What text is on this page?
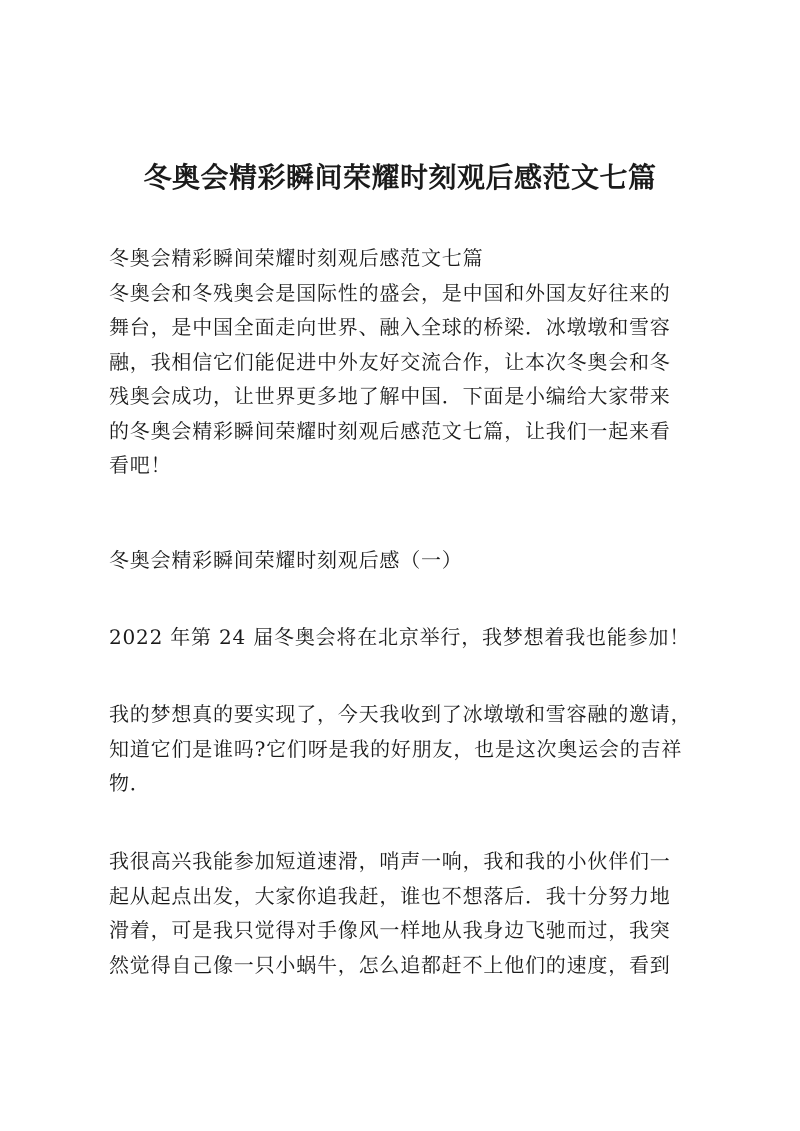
冬奥会精彩瞬间荣耀时刻观后感范文七篇
冬奥会精彩瞬间荣耀时刻观后感范文七篇
冬奥会和冬残奥会是国际性的盛会，是中国和外国友好往来的
舞台，是中国全面走向世界、融入全球的桥梁．冰墩墩和雪容
融，我相信它们能促进中外友好交流合作，让本次冬奥会和冬
残奥会成功，让世界更多地了解中国．下面是小编给大家带来
的冬奥会精彩瞬间荣耀时刻观后感范文七篇，让我们一起来看
看吧！
冬奥会精彩瞬间荣耀时刻观后感（一）
2022 年第 24 届冬奥会将在北京举行，我梦想着我也能参加！
我的梦想真的要实现了，今天我收到了冰墩墩和雪容融的邀请，
知道它们是谁吗?它们呀是我的好朋友，也是这次奥运会的吉祥
物．
我很高兴我能参加短道速滑，哨声一响，我和我的小伙伴们一
起从起点出发，大家你追我赶，谁也不想落后．我十分努力地
滑着，可是我只觉得对手像风一样地从我身边飞驰而过，我突
然觉得自己像一只小蜗牛，怎么追都赶不上他们的速度，看到
